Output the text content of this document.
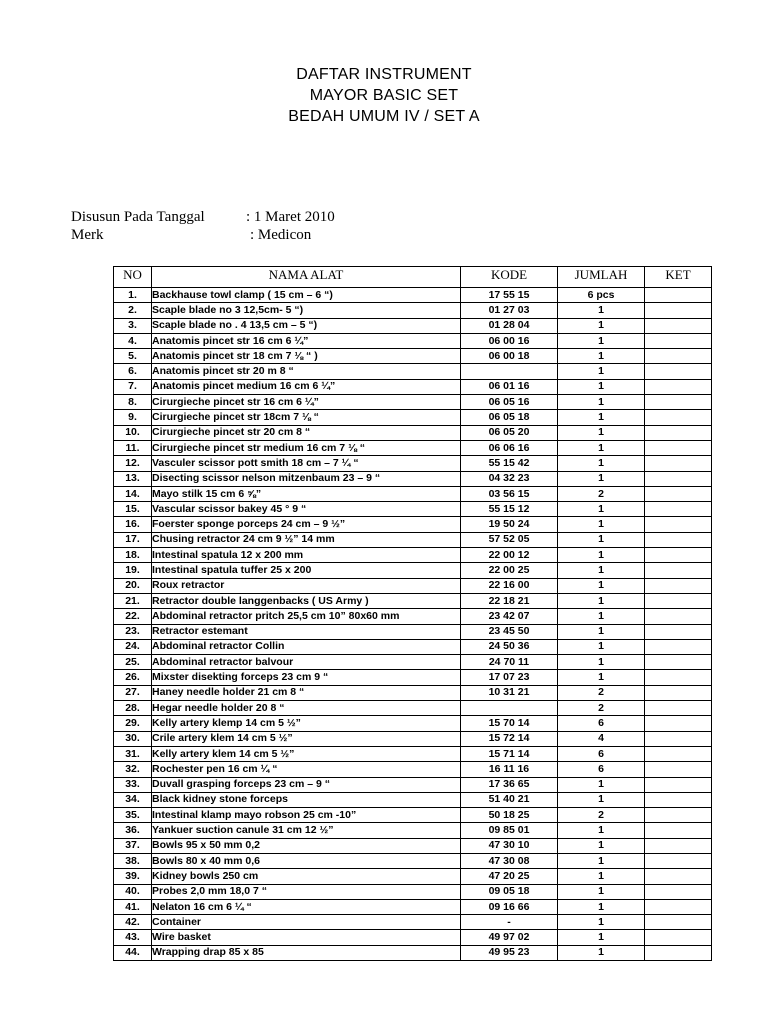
DAFTAR INSTRUMENT
MAYOR BASIC SET
BEDAH UMUM IV / SET A
Disusun Pada Tanggal	: 1 Maret 2010
Merk	: Medicon
NO	NAMA ALAT	KODE	JUMLAH	KET
1.	Backhause towl clamp ( 15 cm – 6 “)	17 55 15	6 pcs	
2.	Scaple blade no 3 12,5cm- 5 “)	01 27 03	1	
3.	Scaple blade no . 4 13,5 cm – 5 “)	01 28 04	1	
4.	Anatomis pincet str 16 cm 6 ¼”	06 00 16	1	
5.	Anatomis pincet str 18 cm 7 ⅛ “ )	06 00 18	1	
6.	Anatomis pincet str 20 m 8 “		1	
7.	Anatomis pincet medium 16 cm 6 ¼”	06 01 16	1	
8.	Cirurgieche pincet str 16 cm 6 ¼”	06 05 16	1	
9.	Cirurgieche pincet str 18cm 7 ⅛ “	06 05 18	1	
10.	Cirurgieche pincet str 20 cm 8 “	06 05 20	1	
11.	Cirurgieche pincet str medium 16 cm 7 ⅛ “	06 06 16	1	
12.	Vasculer scissor pott smith 18 cm – 7 ¼ “	55 15 42	1	
13.	Disecting scissor nelson mitzenbaum 23 – 9 “	04 32 23	1	
14.	Mayo stilk 15 cm 6 ⅝”	03 56 15	2	
15.	Vascular scissor bakey 45 ° 9 “	55 15 12	1	
16.	Foerster sponge porceps 24 cm – 9 ½”	19 50 24	1	
17.	Chusing retractor 24 cm 9 ½” 14 mm	57 52 05	1	
18.	Intestinal spatula 12 x 200 mm	22 00 12	1	
19.	Intestinal spatula tuffer 25 x 200	22 00 25	1	
20.	Roux retractor	22 16 00	1	
21.	Retractor double langgenbacks ( US Army )	22 18 21	1	
22.	Abdominal retractor pritch 25,5 cm 10” 80x60 mm	23 42 07	1	
23.	Retractor estemant	23 45 50	1	
24.	Abdominal retractor Collin	24 50 36	1	
25.	Abdominal retractor balvour	24 70 11	1	
26.	Mixster disekting forceps 23 cm 9 “	17 07 23	1	
27.	Haney needle holder 21 cm 8 “	10 31 21	2	
28.	Hegar needle holder 20 8 “		2	
29.	Kelly artery klemp 14 cm 5 ½”	15 70 14	6	
30.	Crile artery klem 14 cm 5 ½”	15 72 14	4	
31.	Kelly artery klem 14 cm 5 ½”	15 71 14	6	
32.	Rochester pen 16 cm ¼ “	16 11 16	6	
33.	Duvall grasping forceps 23 cm – 9 “	17 36 65	1	
34.	Black kidney stone forceps	51 40 21	1	
35.	Intestinal klamp mayo robson 25 cm -10”	50 18 25	2	
36.	Yankuer suction canule 31 cm 12 ½”	09 85 01	1	
37.	Bowls 95 x 50 mm 0,2	47 30 10	1	
38.	Bowls 80 x 40 mm 0,6	47 30 08	1	
39.	Kidney bowls 250 cm	47 20 25	1	
40.	Probes 2,0 mm 18,0 7 “	09 05 18	1	
41.	Nelaton 16 cm 6 ¼ “	09 16 66	1	
42.	Container	-	1	
43.	Wire basket	49 97 02	1	
44.	Wrapping drap 85 x 85	49 95 23	1	
